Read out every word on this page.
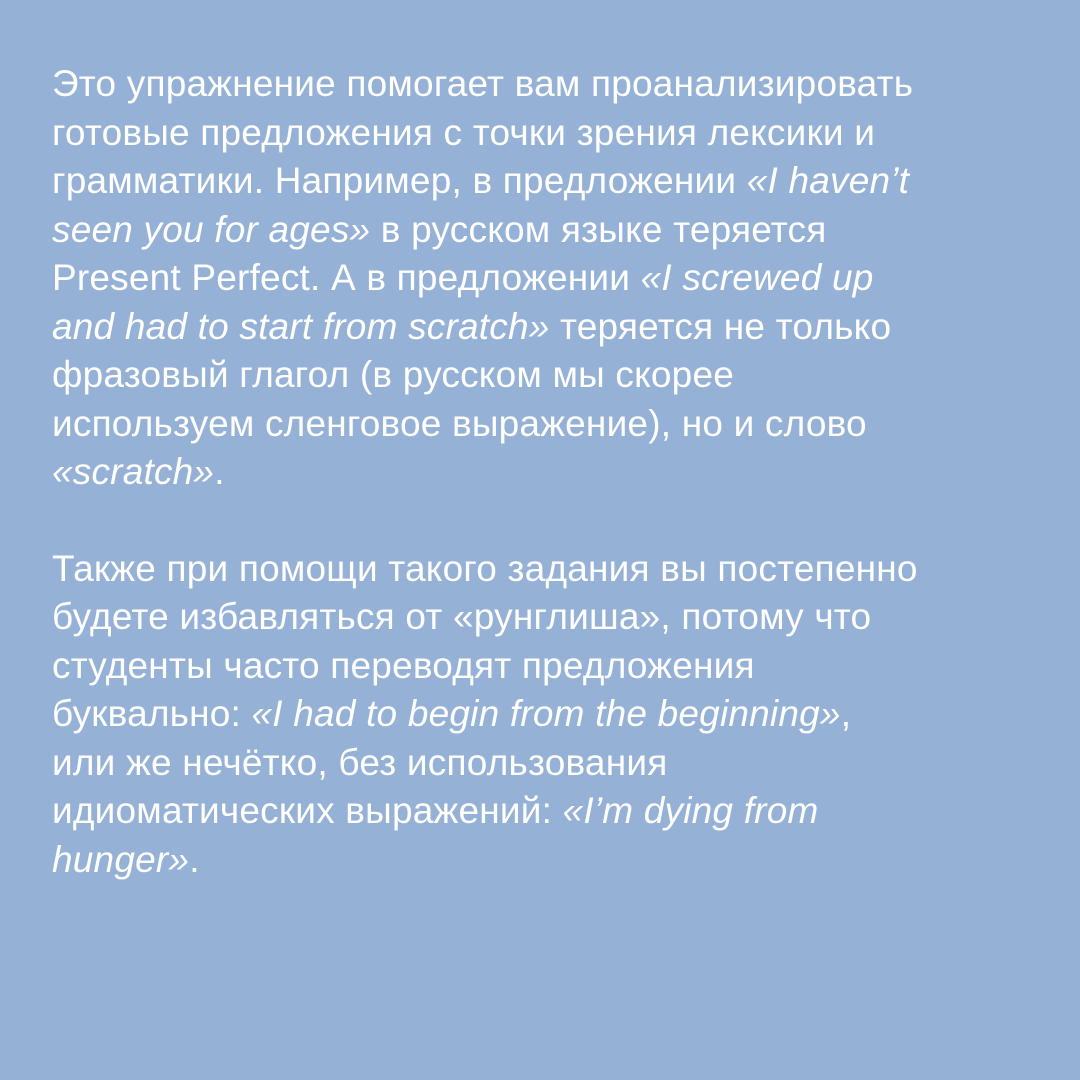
Это упражнение помогает вам проанализировать
готовые предложения с точки зрения лексики и
грамматики. Например, в предложении «I haven’t
seen you for ages» в русском языке теряется
Present Perfect. А в предложении «I screwed up
and had to start from scratch» теряется не только
фразовый глагол (в русском мы скорее
используем сленговое выражение), но и слово
«scratch».

Также при помощи такого задания вы постепенно
будете избавляться от «рунглиша», потому что
студенты часто переводят предложения
буквально: «I had to begin from the beginning»,
или же нечётко, без использования
идиоматических выражений: «I’m dying from
hunger».
